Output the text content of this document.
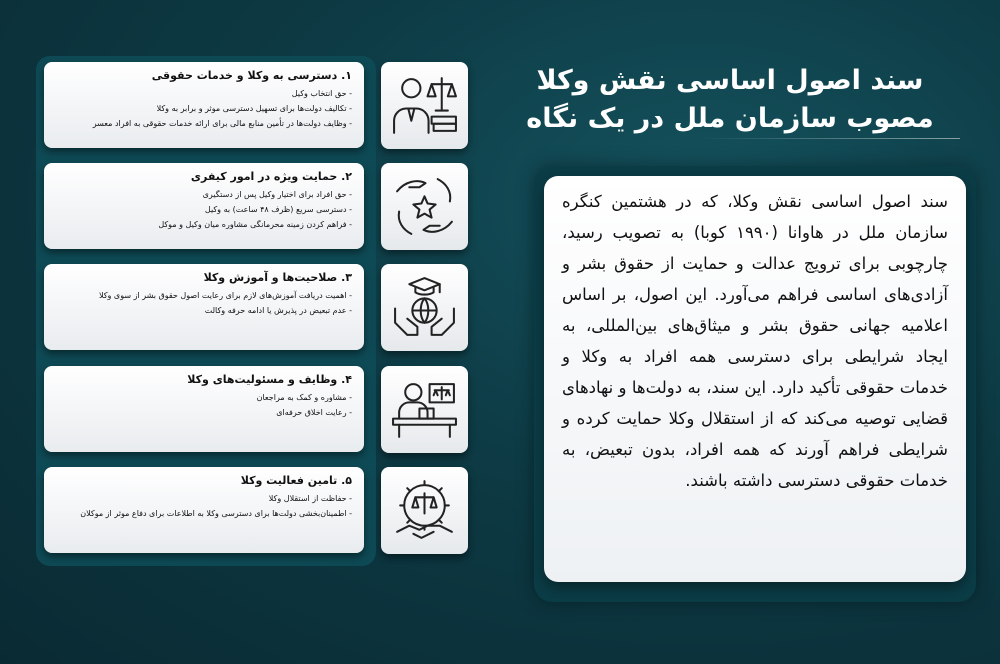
سند اصول اساسی نقش وکلا
مصوب سازمان ملل در یک نگاه
سند اصول اساسی نقش وکلا، که در هشتمین کنگره سازمان ملل در هاوانا (۱۹۹۰ کوبا) به تصویب رسید، چارچوبی برای ترویج عدالت و حمایت از حقوق بشر و آزادی‌های اساسی فراهم می‌آورد. این اصول، بر اساس اعلامیه جهانی حقوق بشر و میثاق‌های بین‌المللی، به ایجاد شرایطی برای دسترسی همه افراد به وکلا و خدمات حقوقی تأکید دارد. این سند، به دولت‌ها و نهادهای قضایی توصیه می‌کند که از استقلال وکلا حمایت کرده و شرایطی فراهم آورند که همه افراد، بدون تبعیض، به خدمات حقوقی دسترسی داشته باشند.
۱. دسترسی به وکلا و خدمات حقوقی
- حق انتخاب وکیل
- تکالیف دولت‌ها برای تسهیل دسترسی موثر و برابر به وکلا
- وظایف دولت‌ها در تأمین منابع مالی برای ارائه خدمات حقوقی به افراد معسر
۲. حمایت ویژه در امور کیفری
- حق افراد برای اختیار وکیل پس از دستگیری
- دسترسی سریع (ظرف ۴۸ ساعت) به وکیل
- فراهم کردن زمینه محرمانگی مشاوره میان وکیل و موکل
۳. صلاحیت‌ها و آموزش وکلا
- اهمیت دریافت آموزش‌های لازم برای رعایت اصول حقوق بشر از سوی وکلا
- عدم تبعیض در پذیرش یا ادامه حرفه وکالت
۴. وظایف و مسئولیت‌های وکلا
- مشاوره و کمک به مراجعان
- رعایت اخلاق حرفه‌ای
۵. تامین فعالیت وکلا
- حفاظت از استقلال وکلا
- اطمینان‌بخشی دولت‌ها برای دسترسی وکلا به اطلاعات برای دفاع موثر از موکلان
